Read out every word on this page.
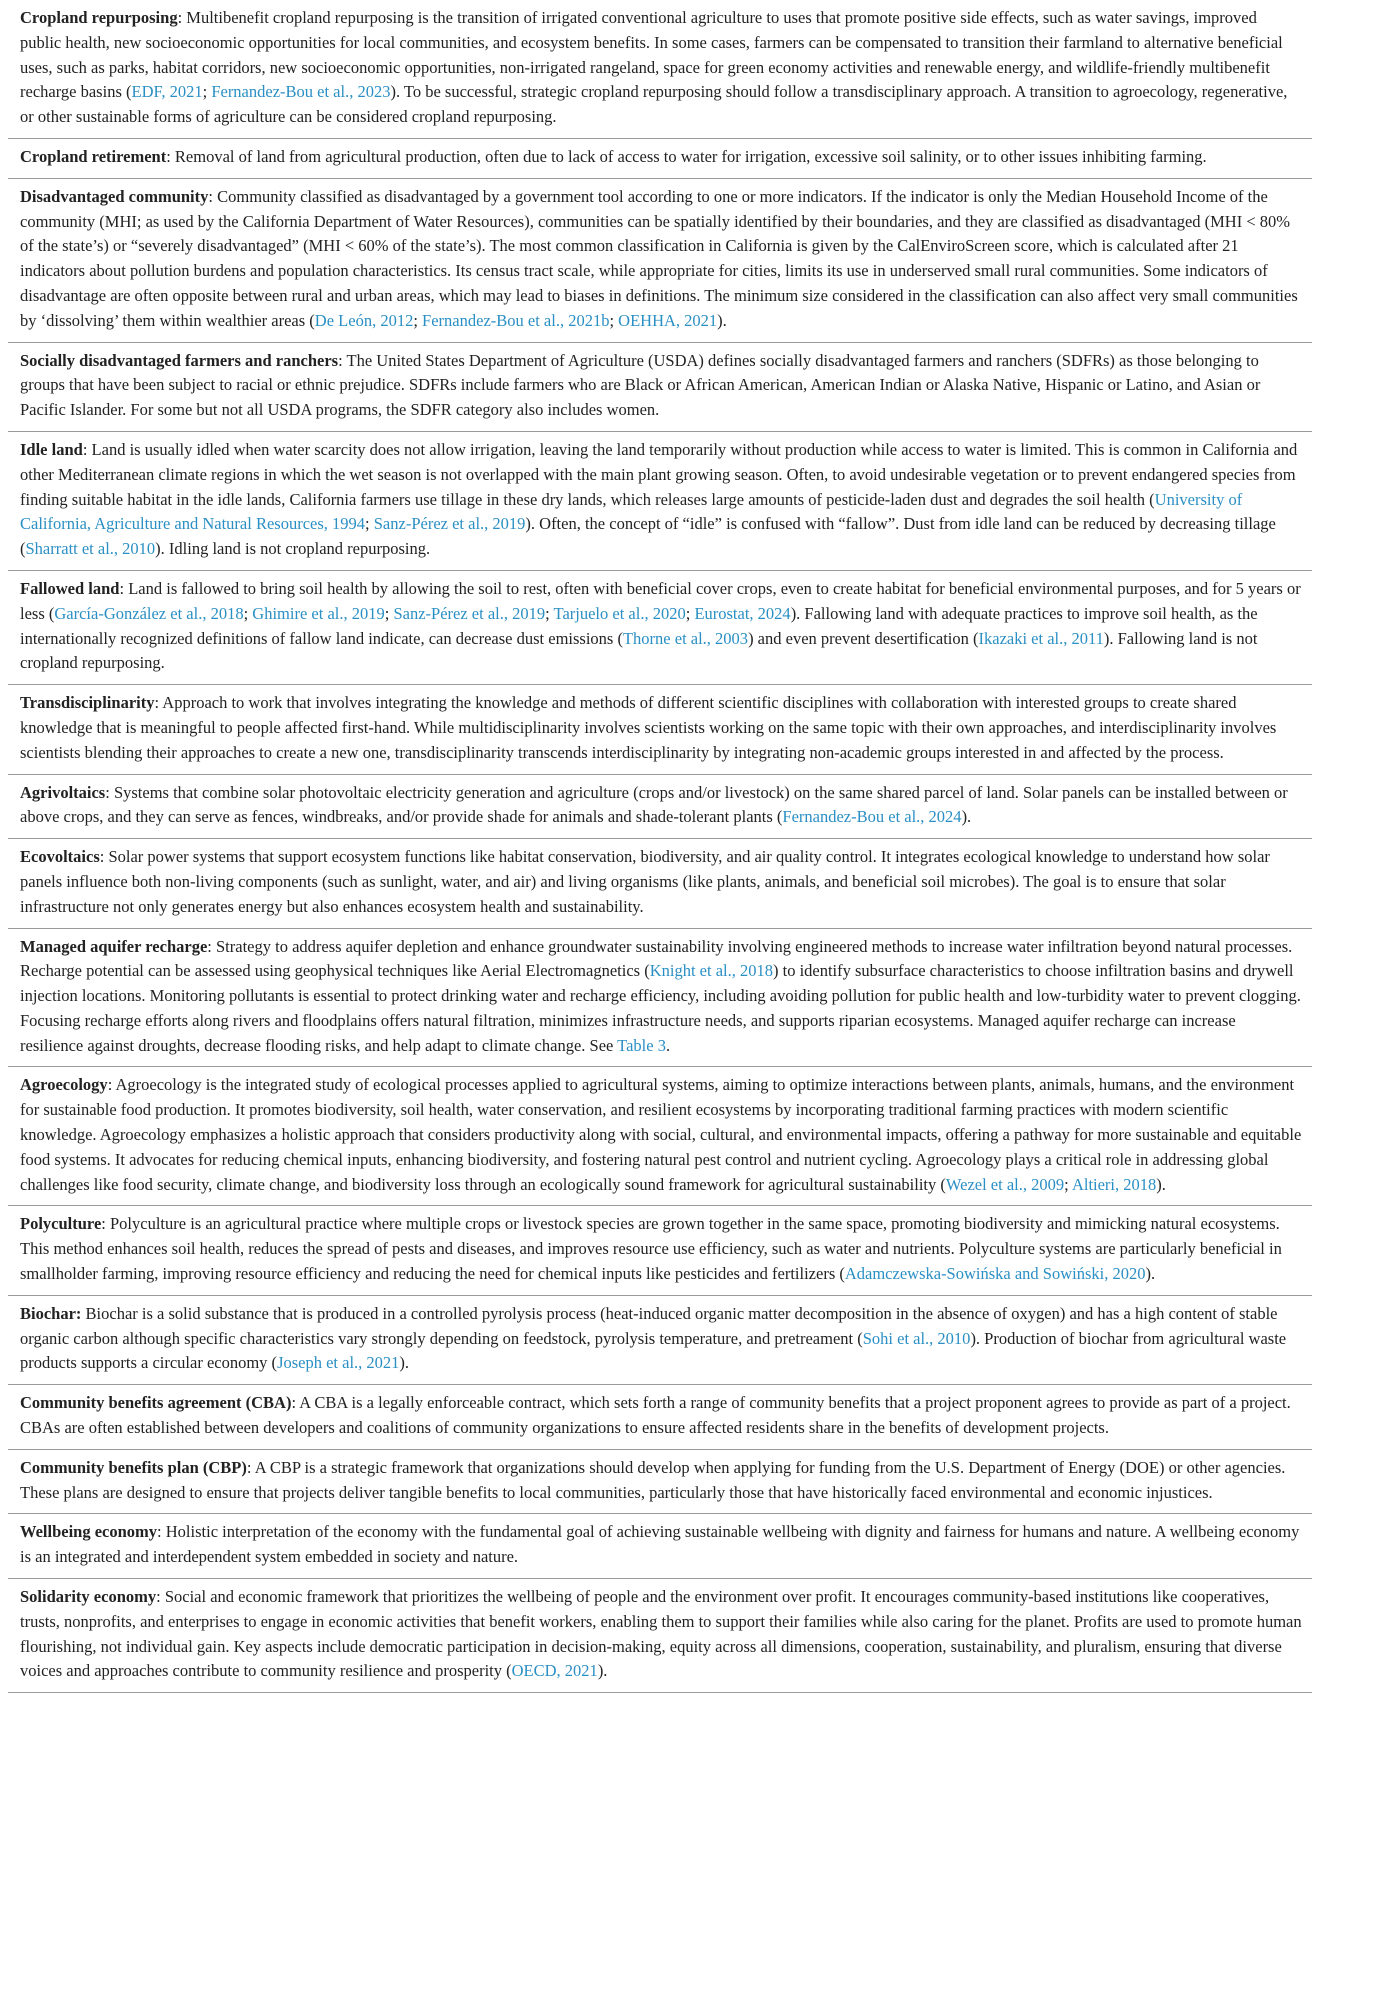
Cropland repurposing: Multibenefit cropland repurposing is the transition of irrigated conventional agriculture to uses that promote positive side effects, such as water savings, improved public health, new socioeconomic opportunities for local communities, and ecosystem benefits. In some cases, farmers can be compensated to transition their farmland to alternative beneficial uses, such as parks, habitat corridors, new socioeconomic opportunities, non-irrigated rangeland, space for green economy activities and renewable energy, and wildlife-friendly multibenefit recharge basins (EDF, 2021; Fernandez-Bou et al., 2023). To be successful, strategic cropland repurposing should follow a transdisciplinary approach. A transition to agroecology, regenerative, or other sustainable forms of agriculture can be considered cropland repurposing.
Cropland retirement: Removal of land from agricultural production, often due to lack of access to water for irrigation, excessive soil salinity, or to other issues inhibiting farming.
Disadvantaged community: Community classified as disadvantaged by a government tool according to one or more indicators. If the indicator is only the Median Household Income of the community (MHI; as used by the California Department of Water Resources), communities can be spatially identified by their boundaries, and they are classified as disadvantaged (MHI < 80% of the state’s) or “severely disadvantaged” (MHI < 60% of the state’s). The most common classification in California is given by the CalEnviroScreen score, which is calculated after 21 indicators about pollution burdens and population characteristics. Its census tract scale, while appropriate for cities, limits its use in underserved small rural communities. Some indicators of disadvantage are often opposite between rural and urban areas, which may lead to biases in definitions. The minimum size considered in the classification can also affect very small communities by ‘dissolving’ them within wealthier areas (De León, 2012; Fernandez-Bou et al., 2021b; OEHHA, 2021).
Socially disadvantaged farmers and ranchers: The United States Department of Agriculture (USDA) defines socially disadvantaged farmers and ranchers (SDFRs) as those belonging to groups that have been subject to racial or ethnic prejudice. SDFRs include farmers who are Black or African American, American Indian or Alaska Native, Hispanic or Latino, and Asian or Pacific Islander. For some but not all USDA programs, the SDFR category also includes women.
Idle land: Land is usually idled when water scarcity does not allow irrigation, leaving the land temporarily without production while access to water is limited. This is common in California and other Mediterranean climate regions in which the wet season is not overlapped with the main plant growing season. Often, to avoid undesirable vegetation or to prevent endangered species from finding suitable habitat in the idle lands, California farmers use tillage in these dry lands, which releases large amounts of pesticide-laden dust and degrades the soil health (University of California, Agriculture and Natural Resources, 1994; Sanz-Pérez et al., 2019). Often, the concept of “idle” is confused with “fallow”. Dust from idle land can be reduced by decreasing tillage (Sharratt et al., 2010). Idling land is not cropland repurposing.
Fallowed land: Land is fallowed to bring soil health by allowing the soil to rest, often with beneficial cover crops, even to create habitat for beneficial environmental purposes, and for 5 years or less (García-González et al., 2018; Ghimire et al., 2019; Sanz-Pérez et al., 2019; Tarjuelo et al., 2020; Eurostat, 2024). Fallowing land with adequate practices to improve soil health, as the internationally recognized definitions of fallow land indicate, can decrease dust emissions (Thorne et al., 2003) and even prevent desertification (Ikazaki et al., 2011). Fallowing land is not cropland repurposing.
Transdisciplinarity: Approach to work that involves integrating the knowledge and methods of different scientific disciplines with collaboration with interested groups to create shared knowledge that is meaningful to people affected first-hand. While multidisciplinarity involves scientists working on the same topic with their own approaches, and interdisciplinarity involves scientists blending their approaches to create a new one, transdisciplinarity transcends interdisciplinarity by integrating non-academic groups interested in and affected by the process.
Agrivoltaics: Systems that combine solar photovoltaic electricity generation and agriculture (crops and/or livestock) on the same shared parcel of land. Solar panels can be installed between or above crops, and they can serve as fences, windbreaks, and/or provide shade for animals and shade-tolerant plants (Fernandez-Bou et al., 2024).
Ecovoltaics: Solar power systems that support ecosystem functions like habitat conservation, biodiversity, and air quality control. It integrates ecological knowledge to understand how solar panels influence both non-living components (such as sunlight, water, and air) and living organisms (like plants, animals, and beneficial soil microbes). The goal is to ensure that solar infrastructure not only generates energy but also enhances ecosystem health and sustainability.
Managed aquifer recharge: Strategy to address aquifer depletion and enhance groundwater sustainability involving engineered methods to increase water infiltration beyond natural processes. Recharge potential can be assessed using geophysical techniques like Aerial Electromagnetics (Knight et al., 2018) to identify subsurface characteristics to choose infiltration basins and drywell injection locations. Monitoring pollutants is essential to protect drinking water and recharge efficiency, including avoiding pollution for public health and low-turbidity water to prevent clogging. Focusing recharge efforts along rivers and floodplains offers natural filtration, minimizes infrastructure needs, and supports riparian ecosystems. Managed aquifer recharge can increase resilience against droughts, decrease flooding risks, and help adapt to climate change. See Table 3.
Agroecology: Agroecology is the integrated study of ecological processes applied to agricultural systems, aiming to optimize interactions between plants, animals, humans, and the environment for sustainable food production. It promotes biodiversity, soil health, water conservation, and resilient ecosystems by incorporating traditional farming practices with modern scientific knowledge. Agroecology emphasizes a holistic approach that considers productivity along with social, cultural, and environmental impacts, offering a pathway for more sustainable and equitable food systems. It advocates for reducing chemical inputs, enhancing biodiversity, and fostering natural pest control and nutrient cycling. Agroecology plays a critical role in addressing global challenges like food security, climate change, and biodiversity loss through an ecologically sound framework for agricultural sustainability (Wezel et al., 2009; Altieri, 2018).
Polyculture: Polyculture is an agricultural practice where multiple crops or livestock species are grown together in the same space, promoting biodiversity and mimicking natural ecosystems. This method enhances soil health, reduces the spread of pests and diseases, and improves resource use efficiency, such as water and nutrients. Polyculture systems are particularly beneficial in smallholder farming, improving resource efficiency and reducing the need for chemical inputs like pesticides and fertilizers (Adamczewska-Sowińska and Sowiński, 2020).
Biochar: Biochar is a solid substance that is produced in a controlled pyrolysis process (heat-induced organic matter decomposition in the absence of oxygen) and has a high content of stable organic carbon although specific characteristics vary strongly depending on feedstock, pyrolysis temperature, and pretreament (Sohi et al., 2010). Production of biochar from agricultural waste products supports a circular economy (Joseph et al., 2021).
Community benefits agreement (CBA): A CBA is a legally enforceable contract, which sets forth a range of community benefits that a project proponent agrees to provide as part of a project. CBAs are often established between developers and coalitions of community organizations to ensure affected residents share in the benefits of development projects.
Community benefits plan (CBP): A CBP is a strategic framework that organizations should develop when applying for funding from the U.S. Department of Energy (DOE) or other agencies. These plans are designed to ensure that projects deliver tangible benefits to local communities, particularly those that have historically faced environmental and economic injustices.
Wellbeing economy: Holistic interpretation of the economy with the fundamental goal of achieving sustainable wellbeing with dignity and fairness for humans and nature. A wellbeing economy is an integrated and interdependent system embedded in society and nature.
Solidarity economy: Social and economic framework that prioritizes the wellbeing of people and the environment over profit. It encourages community-based institutions like cooperatives, trusts, nonprofits, and enterprises to engage in economic activities that benefit workers, enabling them to support their families while also caring for the planet. Profits are used to promote human flourishing, not individual gain. Key aspects include democratic participation in decision-making, equity across all dimensions, cooperation, sustainability, and pluralism, ensuring that diverse voices and approaches contribute to community resilience and prosperity (OECD, 2021).
